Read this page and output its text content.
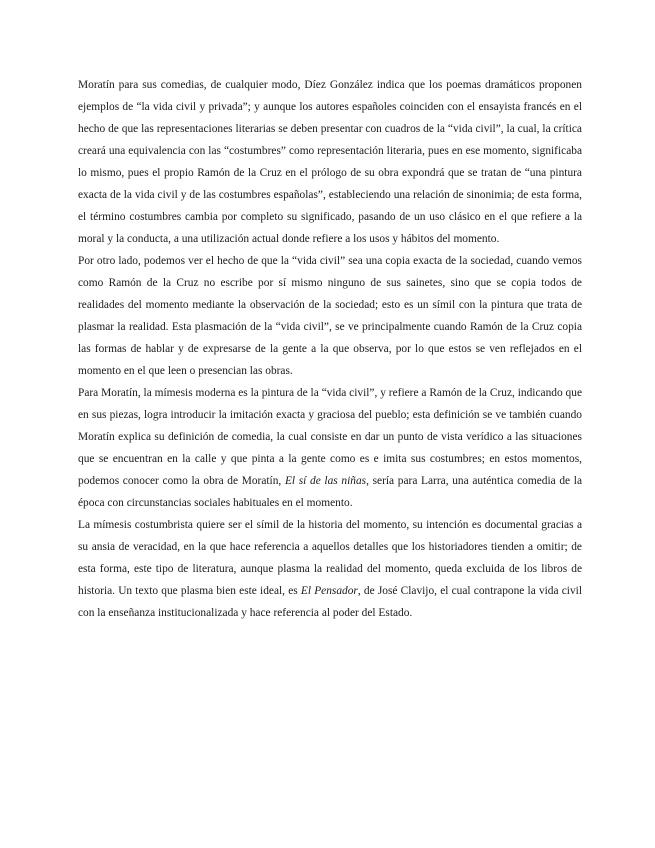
Moratín para sus comedias, de cualquier modo, Díez González indica que los poemas dramáticos proponen ejemplos de “la vida civil y privada”; y aunque los autores españoles coinciden con el ensayista francés en el hecho de que las representaciones literarias se deben presentar con cuadros de la “vida civil”, la cual, la crítica creará una equivalencia con las “costumbres” como representación literaria, pues en ese momento, significaba lo mismo, pues el propio Ramón de la Cruz en el prólogo de su obra expondrá que se tratan de “una pintura exacta de la vida civil y de las costumbres españolas”, estableciendo una relación de sinonimia; de esta forma, el término costumbres cambia por completo su significado, pasando de un uso clásico en el que refiere a la moral y la conducta, a una utilización actual donde refiere a los usos y hábitos del momento.

Por otro lado, podemos ver el hecho de que la “vida civil” sea una copia exacta de la sociedad, cuando vemos como Ramón de la Cruz no escribe por sí mismo ninguno de sus sainetes, sino que se copia todos de realidades del momento mediante la observación de la sociedad; esto es un símil con la pintura que trata de plasmar la realidad. Esta plasmación de la “vida civil”, se ve principalmente cuando Ramón de la Cruz copia las formas de hablar y de expresarse de la gente a la que observa, por lo que estos se ven reflejados en el momento en el que leen o presencian las obras.

Para Moratín, la mímesis moderna es la pintura de la “vida civil”, y refiere a Ramón de la Cruz, indicando que en sus piezas, logra introducir la imitación exacta y graciosa del pueblo; esta definición se ve también cuando Moratín explica su definición de comedia, la cual consiste en dar un punto de vista verídico a las situaciones que se encuentran en la calle y que pinta a la gente como es e imita sus costumbres; en estos momentos, podemos conocer como la obra de Moratín, El sí de las niñas, sería para Larra, una auténtica comedia de la época con circunstancias sociales habituales en el momento.

La mímesis costumbrista quiere ser el símil de la historia del momento, su intención es documental gracias a su ansia de veracidad, en la que hace referencia a aquellos detalles que los historiadores tienden a omitir; de esta forma, este tipo de literatura, aunque plasma la realidad del momento, queda excluida de los libros de historia. Un texto que plasma bien este ideal, es El Pensador, de José Clavijo, el cual contrapone la vida civil con la enseñanza institucionalizada y hace referencia al poder del Estado.
